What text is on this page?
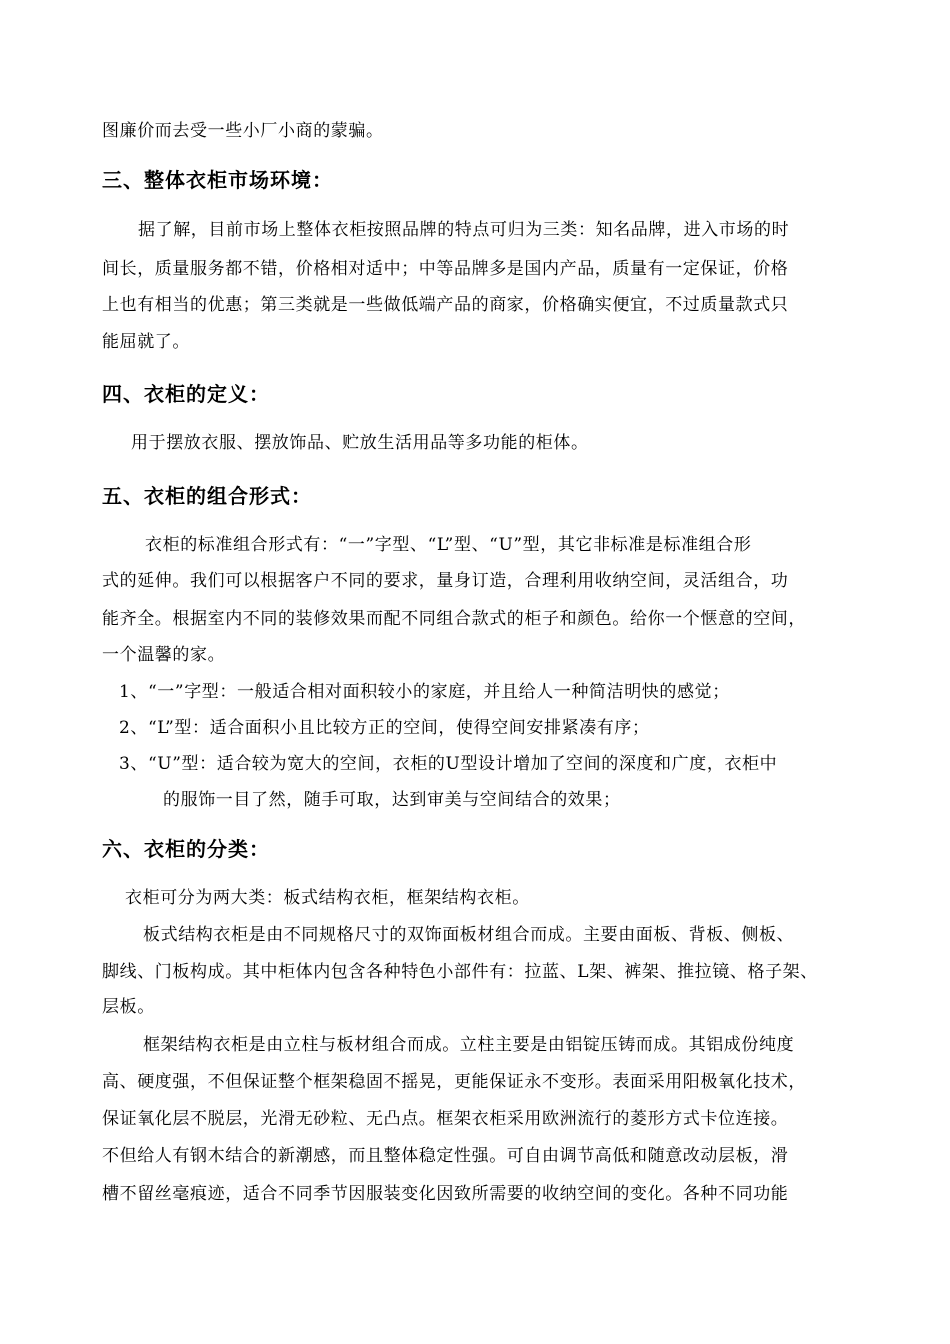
图廉价而去受一些小厂小商的蒙骗。
三、整体衣柜市场环境：
据了解，目前市场上整体衣柜按照品牌的特点可归为三类：知名品牌，进入市场的时
间长，质量服务都不错，价格相对适中；中等品牌多是国内产品，质量有一定保证，价格
上也有相当的优惠；第三类就是一些做低端产品的商家，价格确实便宜，不过质量款式只
能屈就了。
四、衣柜的定义：
用于摆放衣服、摆放饰品、贮放生活用品等多功能的柜体。
五、衣柜的组合形式：
衣柜的标准组合形式有：“一”字型、“L”型、“U”型，其它非标准是标准组合形
式的延伸。我们可以根据客户不同的要求，量身订造，合理利用收纳空间，灵活组合，功
能齐全。根据室内不同的装修效果而配不同组合款式的柜子和颜色。给你一个惬意的空间，
一个温馨的家。
1、“一”字型：一般适合相对面积较小的家庭，并且给人一种简洁明快的感觉；
2、“L”型：适合面积小且比较方正的空间，使得空间安排紧凑有序；
3、“U”型：适合较为宽大的空间，衣柜的U型设计增加了空间的深度和广度，衣柜中
的服饰一目了然，随手可取，达到审美与空间结合的效果；
六、衣柜的分类：
衣柜可分为两大类：板式结构衣柜，框架结构衣柜。
板式结构衣柜是由不同规格尺寸的双饰面板材组合而成。主要由面板、背板、侧板、
脚线、门板构成。其中柜体内包含各种特色小部件有：拉蓝、L架、裤架、推拉镜、格子架、
层板。
框架结构衣柜是由立柱与板材组合而成。立柱主要是由铝锭压铸而成。其铝成份纯度
高、硬度强，不但保证整个框架稳固不摇晃，更能保证永不变形。表面采用阳极氧化技术，
保证氧化层不脱层，光滑无砂粒、无凸点。框架衣柜采用欧洲流行的菱形方式卡位连接。
不但给人有钢木结合的新潮感，而且整体稳定性强。可自由调节高低和随意改动层板，滑
槽不留丝毫痕迹，适合不同季节因服装变化因致所需要的收纳空间的变化。各种不同功能
